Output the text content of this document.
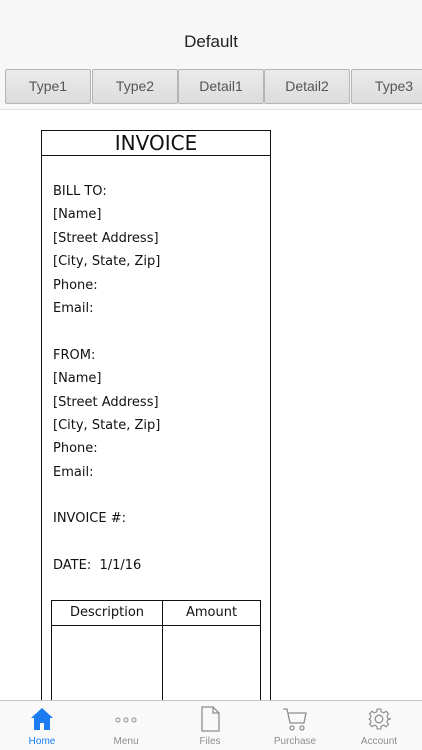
Default
Type1	Type2	Detail1	Detail2	Type3
INVOICE
BILL TO:
[Name]
[Street Address]
[City, State, Zip]
Phone:
Email:
FROM:
[Name]
[Street Address]
[City, State, Zip]
Phone:
Email:
INVOICE #:
DATE:  1/1/16
Description	Amount
Home	Menu	Files	Purchase	Account
